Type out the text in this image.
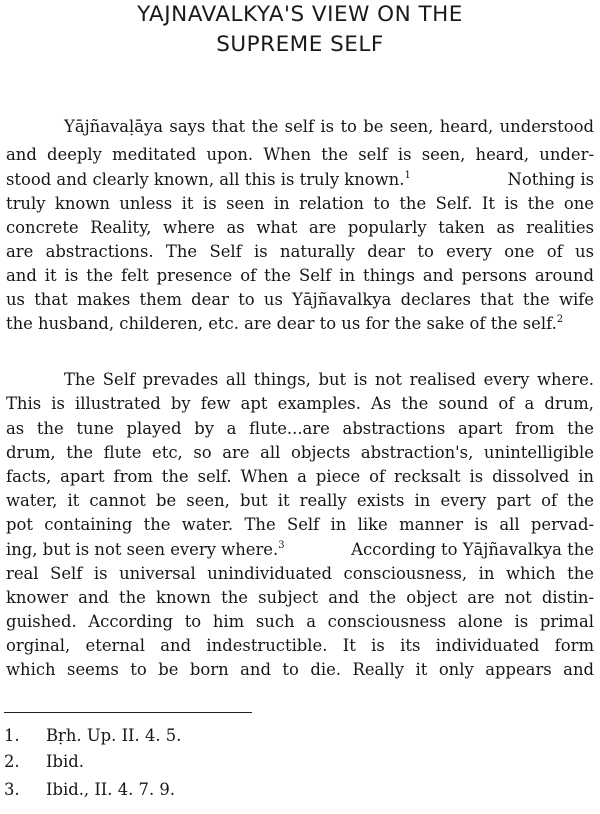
YAJNAVALKYA'S VIEW ON THE
SUPREME SELF
Yājñavaḷāya says that the self is to be seen, heard, understood
and deeply meditated upon. When the self is seen, heard, under-
stood and clearly known, all this is truly known.$^1$	Nothing is
truly known unless it is seen in relation to the Self. It is the one
concrete Reality, where as what are popularly taken as realities
are abstractions. The Self is naturally dear to every one of us
and it is the felt presence of the Self in things and persons around
us that makes them dear to us Yājñavalkya declares that the wife
the husband, childeren, etc. are dear to us for the sake of the self.$^2$
The Self prevades all things, but is not realised every where.
This is illustrated by few apt examples. As the sound of a drum,
as the tune played by a flute...are abstractions apart from the
drum, the flute etc, so are all objects abstraction's, unintelligible
facts, apart from the self. When a piece of recksalt is dissolved in
water, it cannot be seen, but it really exists in every part of the
pot containing the water. The Self in like manner is all pervad-
ing, but is not seen every where.$^3$	According to Yājñavalkya the
real Self is universal unindividuated consciousness, in which the
knower and the known the subject and the object are not distin-
guished. According to him such a consciousness alone is primal
orginal, eternal and indestructible. It is its individuated form
which seems to be born and to die. Really it only appears and
1. Bṛh. Up. II. 4. 5.
2. Ibid.
3. Ibid., II. 4. 7. 9.
